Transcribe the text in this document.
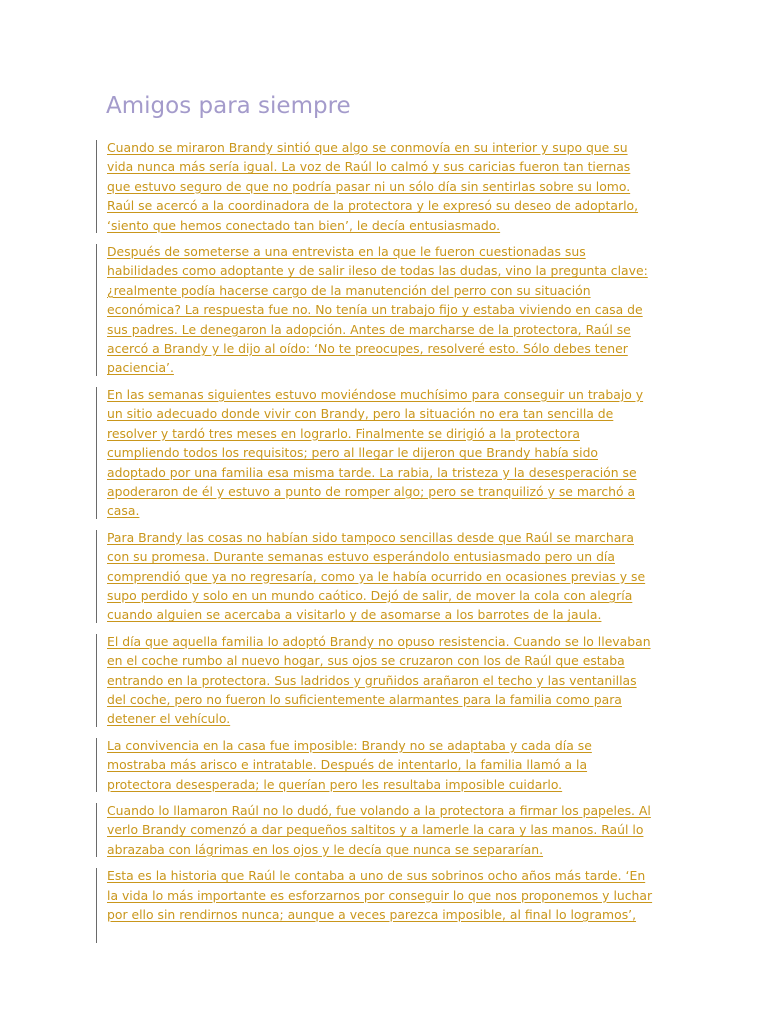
Amigos para siempre

Cuando se miraron Brandy sintió que algo se conmovía en su interior y supo que su
vida nunca más sería igual. La voz de Raúl lo calmó y sus caricias fueron tan tiernas
que estuvo seguro de que no podría pasar ni un sólo día sin sentirlas sobre su lomo.
Raúl se acercó a la coordinadora de la protectora y le expresó su deseo de adoptarlo,
‘siento que hemos conectado tan bien’, le decía entusiasmado.

Después de someterse a una entrevista en la que le fueron cuestionadas sus
habilidades como adoptante y de salir ileso de todas las dudas, vino la pregunta clave:
¿realmente podía hacerse cargo de la manutención del perro con su situación
económica? La respuesta fue no. No tenía un trabajo fijo y estaba viviendo en casa de
sus padres. Le denegaron la adopción. Antes de marcharse de la protectora, Raúl se
acercó a Brandy y le dijo al oído: ‘No te preocupes, resolveré esto. Sólo debes tener
paciencia’.

En las semanas siguientes estuvo moviéndose muchísimo para conseguir un trabajo y
un sitio adecuado donde vivir con Brandy, pero la situación no era tan sencilla de
resolver y tardó tres meses en lograrlo. Finalmente se dirigió a la protectora
cumpliendo todos los requisitos; pero al llegar le dijeron que Brandy había sido
adoptado por una familia esa misma tarde. La rabia, la tristeza y la desesperación se
apoderaron de él y estuvo a punto de romper algo; pero se tranquilizó y se marchó a
casa.

Para Brandy las cosas no habían sido tampoco sencillas desde que Raúl se marchara
con su promesa. Durante semanas estuvo esperándolo entusiasmado pero un día
comprendió que ya no regresaría, como ya le había ocurrido en ocasiones previas y se
supo perdido y solo en un mundo caótico. Dejó de salir, de mover la cola con alegría
cuando alguien se acercaba a visitarlo y de asomarse a los barrotes de la jaula.

El día que aquella familia lo adoptó Brandy no opuso resistencia. Cuando se lo llevaban
en el coche rumbo al nuevo hogar, sus ojos se cruzaron con los de Raúl que estaba
entrando en la protectora. Sus ladridos y gruñidos arañaron el techo y las ventanillas
del coche, pero no fueron lo suficientemente alarmantes para la familia como para
detener el vehículo.

La convivencia en la casa fue imposible: Brandy no se adaptaba y cada día se
mostraba más arisco e intratable. Después de intentarlo, la familia llamó a la
protectora desesperada; le querían pero les resultaba imposible cuidarlo.

Cuando lo llamaron Raúl no lo dudó, fue volando a la protectora a firmar los papeles. Al
verlo Brandy comenzó a dar pequeños saltitos y a lamerle la cara y las manos. Raúl lo
abrazaba con lágrimas en los ojos y le decía que nunca se separarían.

Esta es la historia que Raúl le contaba a uno de sus sobrinos ocho años más tarde. ‘En
la vida lo más importante es esforzarnos por conseguir lo que nos proponemos y luchar
por ello sin rendirnos nunca; aunque a veces parezca imposible, al final lo logramos’,
